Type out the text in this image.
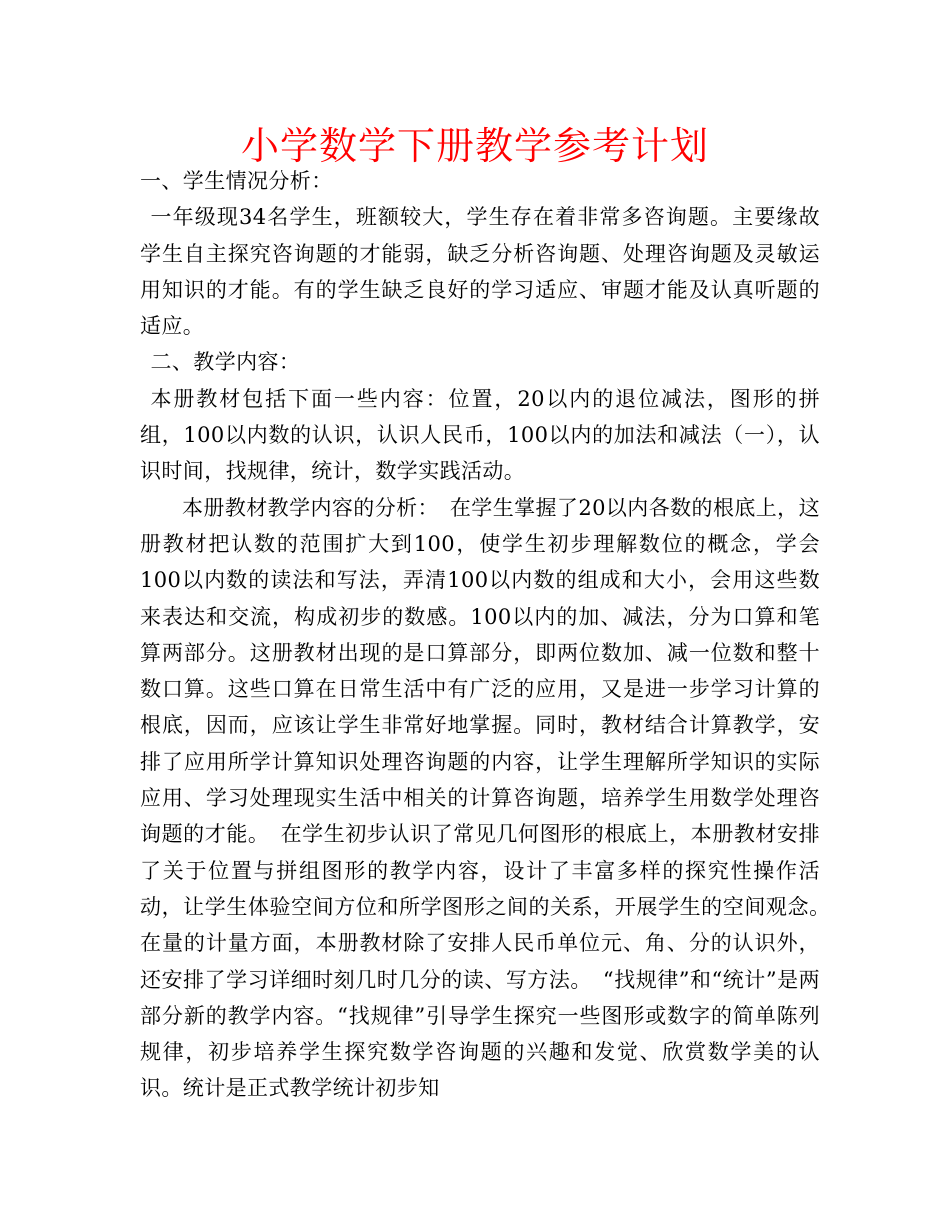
小学数学下册教学参考计划

一、学生情况分析：

一年级现34名学生，班额较大，学生存在着非常多咨询题。主要缘故学生自主探究咨询题的才能弱，缺乏分析咨询题、处理咨询题及灵敏运用知识的才能。有的学生缺乏良好的学习适应、审题才能及认真听题的适应。

二、教学内容：

本册教材包括下面一些内容：位置，20以内的退位减法，图形的拼组，100以内数的认识，认识人民币，100以内的加法和减法（一），认识时间，找规律，统计，数学实践活动。

本册教材教学内容的分析：　在学生掌握了20以内各数的根底上，这册教材把认数的范围扩大到100，使学生初步理解数位的概念，学会100以内数的读法和写法，弄清100以内数的组成和大小，会用这些数来表达和交流，构成初步的数感。100以内的加、减法，分为口算和笔算两部分。这册教材出现的是口算部分，即两位数加、减一位数和整十数口算。这些口算在日常生活中有广泛的应用，又是进一步学习计算的根底，因而，应该让学生非常好地掌握。同时，教材结合计算教学，安排了应用所学计算知识处理咨询题的内容，让学生理解所学知识的实际应用、学习处理现实生活中相关的计算咨询题，培养学生用数学处理咨询题的才能。　在学生初步认识了常见几何图形的根底上，本册教材安排了关于位置与拼组图形的教学内容，设计了丰富多样的探究性操作活动，让学生体验空间方位和所学图形之间的关系，开展学生的空间观念。　　　在量的计量方面，本册教材除了安排人民币单位元、角、分的认识外，还安排了学习详细时刻几时几分的读、写方法。　“找规律”和“统计”是两部分新的教学内容。“找规律”引导学生探究一些图形或数字的简单陈列规律，初步培养学生探究数学咨询题的兴趣和发觉、欣赏数学美的认识。统计是正式教学统计初步知
